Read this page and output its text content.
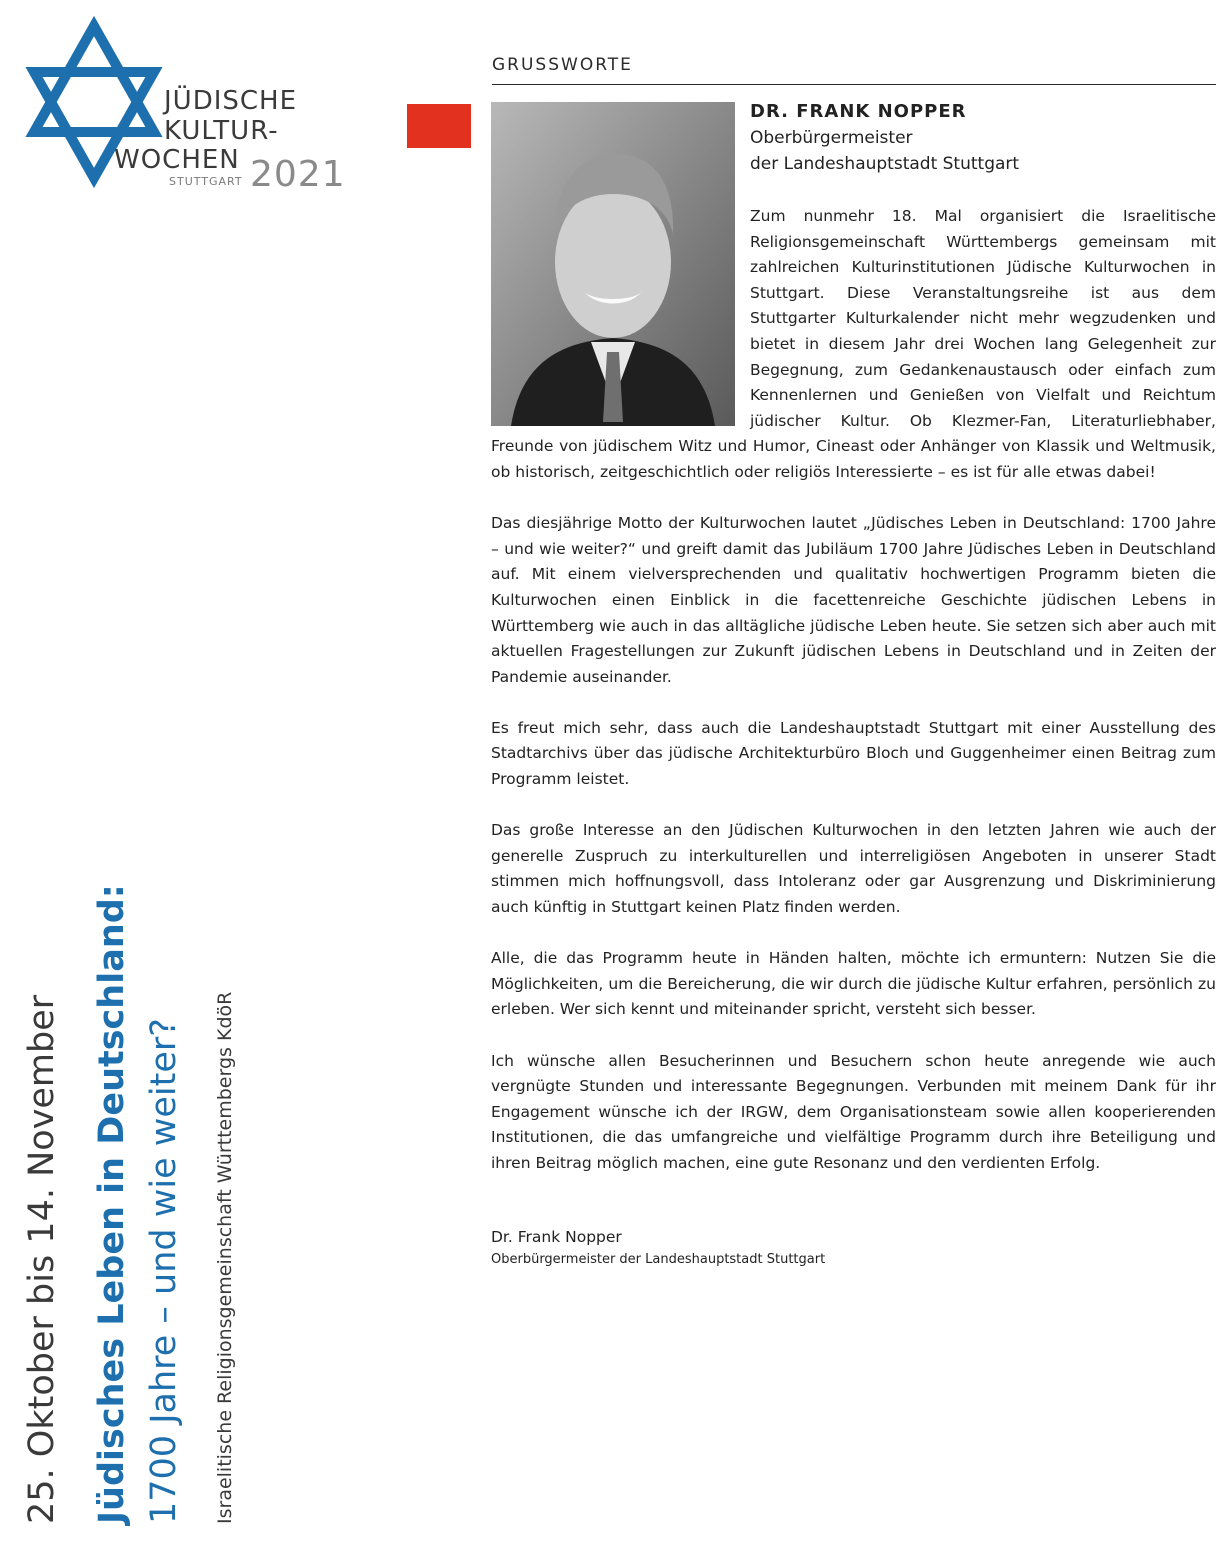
JÜDISCHE
KULTUR-
WOCHEN
STUTTGART 2021
25. Oktober bis 14. November Jüdisches Leben in Deutschland: 1700 Jahre – und wie weiter? Israelitische Religionsgemeinschaft Württembergs KdöR
GRUSSWORTE
DR. FRANK NOPPER
Oberbürgermeister
der Landeshauptstadt Stuttgart

Zum nunmehr 18. Mal organisiert die Israelitische Religionsgemeinschaft Württembergs gemeinsam mit zahlreichen Kulturinstitutionen Jüdische Kulturwochen in Stuttgart. Diese Veranstaltungsreihe ist aus dem Stuttgarter Kulturkalender nicht mehr wegzudenken und bietet in diesem Jahr drei Wochen lang Gelegenheit zur Begegnung, zum Gedankenaustausch oder einfach zum Kennenlernen und Genießen von Vielfalt und Reichtum jüdischer Kultur. Ob Klezmer-Fan, Literaturliebhaber, Freunde von jüdischem Witz und Humor, Cineast oder Anhänger von Klassik und Weltmusik, ob historisch, zeitgeschichtlich oder religiös Interessierte – es ist für alle etwas dabei!

Das diesjährige Motto der Kulturwochen lautet „Jüdisches Leben in Deutschland: 1700 Jahre – und wie weiter?“ und greift damit das Jubiläum 1700 Jahre Jüdisches Leben in Deutschland auf. Mit einem vielversprechenden und qualitativ hochwertigen Programm bieten die Kulturwochen einen Einblick in die facettenreiche Geschichte jüdischen Lebens in Württemberg wie auch in das alltägliche jüdische Leben heute. Sie setzen sich aber auch mit aktuellen Fragestellungen zur Zukunft jüdischen Lebens in Deutschland und in Zeiten der Pandemie auseinander.

Es freut mich sehr, dass auch die Landeshauptstadt Stuttgart mit einer Ausstellung des Stadtarchivs über das jüdische Architekturbüro Bloch und Guggenheimer einen Beitrag zum Programm leistet.

Das große Interesse an den Jüdischen Kulturwochen in den letzten Jahren wie auch der generelle Zuspruch zu interkulturellen und interreligiösen Angeboten in unserer Stadt stimmen mich hoffnungsvoll, dass Intoleranz oder gar Ausgrenzung und Diskriminierung auch künftig in Stuttgart keinen Platz finden werden.

Alle, die das Programm heute in Händen halten, möchte ich ermuntern: Nutzen Sie die Möglichkeiten, um die Bereicherung, die wir durch die jüdische Kultur erfahren, persönlich zu erleben. Wer sich kennt und miteinander spricht, versteht sich besser.

Ich wünsche allen Besucherinnen und Besuchern schon heute anregende wie auch vergnügte Stunden und interessante Begegnungen. Verbunden mit meinem Dank für ihr Engagement wünsche ich der IRGW, dem Organisationsteam sowie allen kooperierenden Institutionen, die das umfangreiche und vielfältige Programm durch ihre Beteiligung und ihren Beitrag möglich machen, eine gute Resonanz und den verdienten Erfolg.

Dr. Frank Nopper
Oberbürgermeister der Landeshauptstadt Stuttgart
